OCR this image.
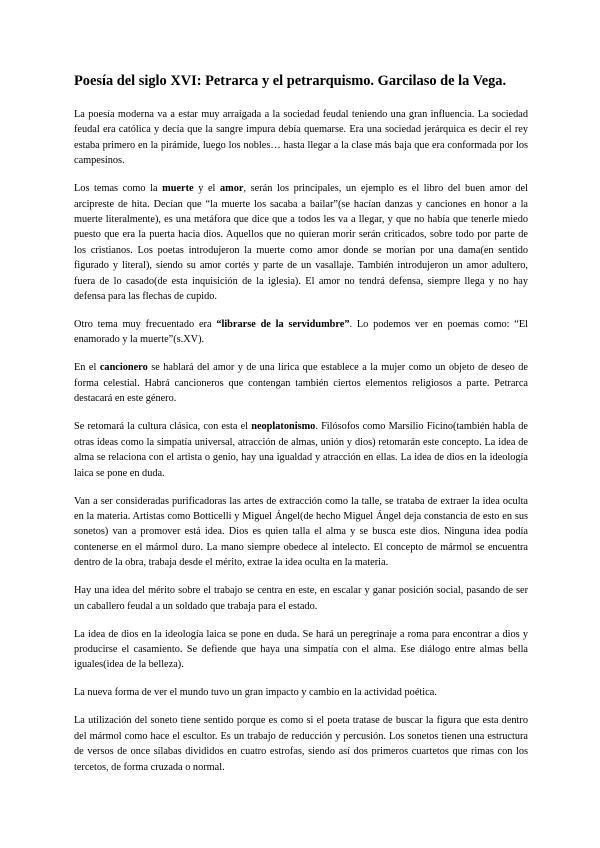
Poesía del siglo XVI: Petrarca y el petrarquismo. Garcilaso de la Vega.

La poesía moderna va a estar muy arraigada a la sociedad feudal teniendo una gran influencia. La sociedad feudal era católica y decía que la sangre impura debía quemarse. Era una sociedad jerárquica es decir el rey estaba primero en la pirámide, luego los nobles… hasta llegar a la clase más baja que era conformada por los campesinos.

Los temas como la muerte y el amor, serán los principales, un ejemplo es el libro del buen amor del arcipreste de hita. Decían que “la muerte los sacaba a bailar”(se hacían danzas y canciones en honor a la muerte literalmente), es una metáfora que dice que a todos les va a llegar, y que no había que tenerle miedo puesto que era la puerta hacia dios. Aquellos que no quieran morir serán criticados, sobre todo por parte de los cristianos. Los poetas introdujeron la muerte como amor donde se morían por una dama(en sentido figurado y literal), siendo su amor cortés y parte de un vasallaje. También introdujeron un amor adultero, fuera de lo casado(de esta inquisición de la iglesia). El amor no tendrá defensa, siempre llega y no hay defensa para las flechas de cupido.

Otro tema muy frecuentado era “librarse de la servidumbre”. Lo podemos ver en poemas como: “El enamorado y la muerte”(s.XV).

En el cancionero se hablará del amor y de una lírica que establece a la mujer como un objeto de deseo de forma celestial. Habrá cancioneros que contengan también ciertos elementos religiosos a parte. Petrarca destacará en este género.

Se retomará la cultura clásica, con esta el neoplatonismo. Filósofos como Marsilio Ficino(también habla de otras ideas como la simpatía universal, atracción de almas, unión y dios) retomarán este concepto. La idea de alma se relaciona con el artista o genio, hay una igualdad y atracción en ellas. La idea de dios en la ideología laica se pone en duda.

Van a ser consideradas purificadoras las artes de extracción como la talle, se trataba de extraer la idea oculta en la materia. Artistas como Botticelli y Miguel Ángel(de hecho Miguel Ángel deja constancia de esto en sus sonetos) van a promover está idea. Dios es quien talla el alma y se busca este dios. Ninguna idea podía contenerse en el mármol duro. La mano siempre obedece al intelecto. El concepto de mármol se encuentra dentro de la obra, trabaja desde el mérito, extrae la idea oculta en la materia.

Hay una idea del mérito sobre el trabajo se centra en este, en escalar y ganar posición social, pasando de ser un caballero feudal a un soldado que trabaja para el estado.

La idea de dios en la ideología laica se pone en duda. Se hará un peregrinaje a roma para encontrar a dios y producirse el casamiento. Se defiende que haya una simpatía con el alma. Ese diálogo entre almas bella iguales(idea de la belleza).

La nueva forma de ver el mundo tuvo un gran impacto y cambio en la actividad poética.

La utilización del soneto tiene sentido porque es como si el poeta tratase de buscar la figura que esta dentro del mármol como hace el escultor. Es un trabajo de reducción y percusión. Los sonetos tienen una estructura de versos de once sílabas divididos en cuatro estrofas, siendo así dos primeros cuartetos que rimas con los tercetos, de forma cruzada o normal.
